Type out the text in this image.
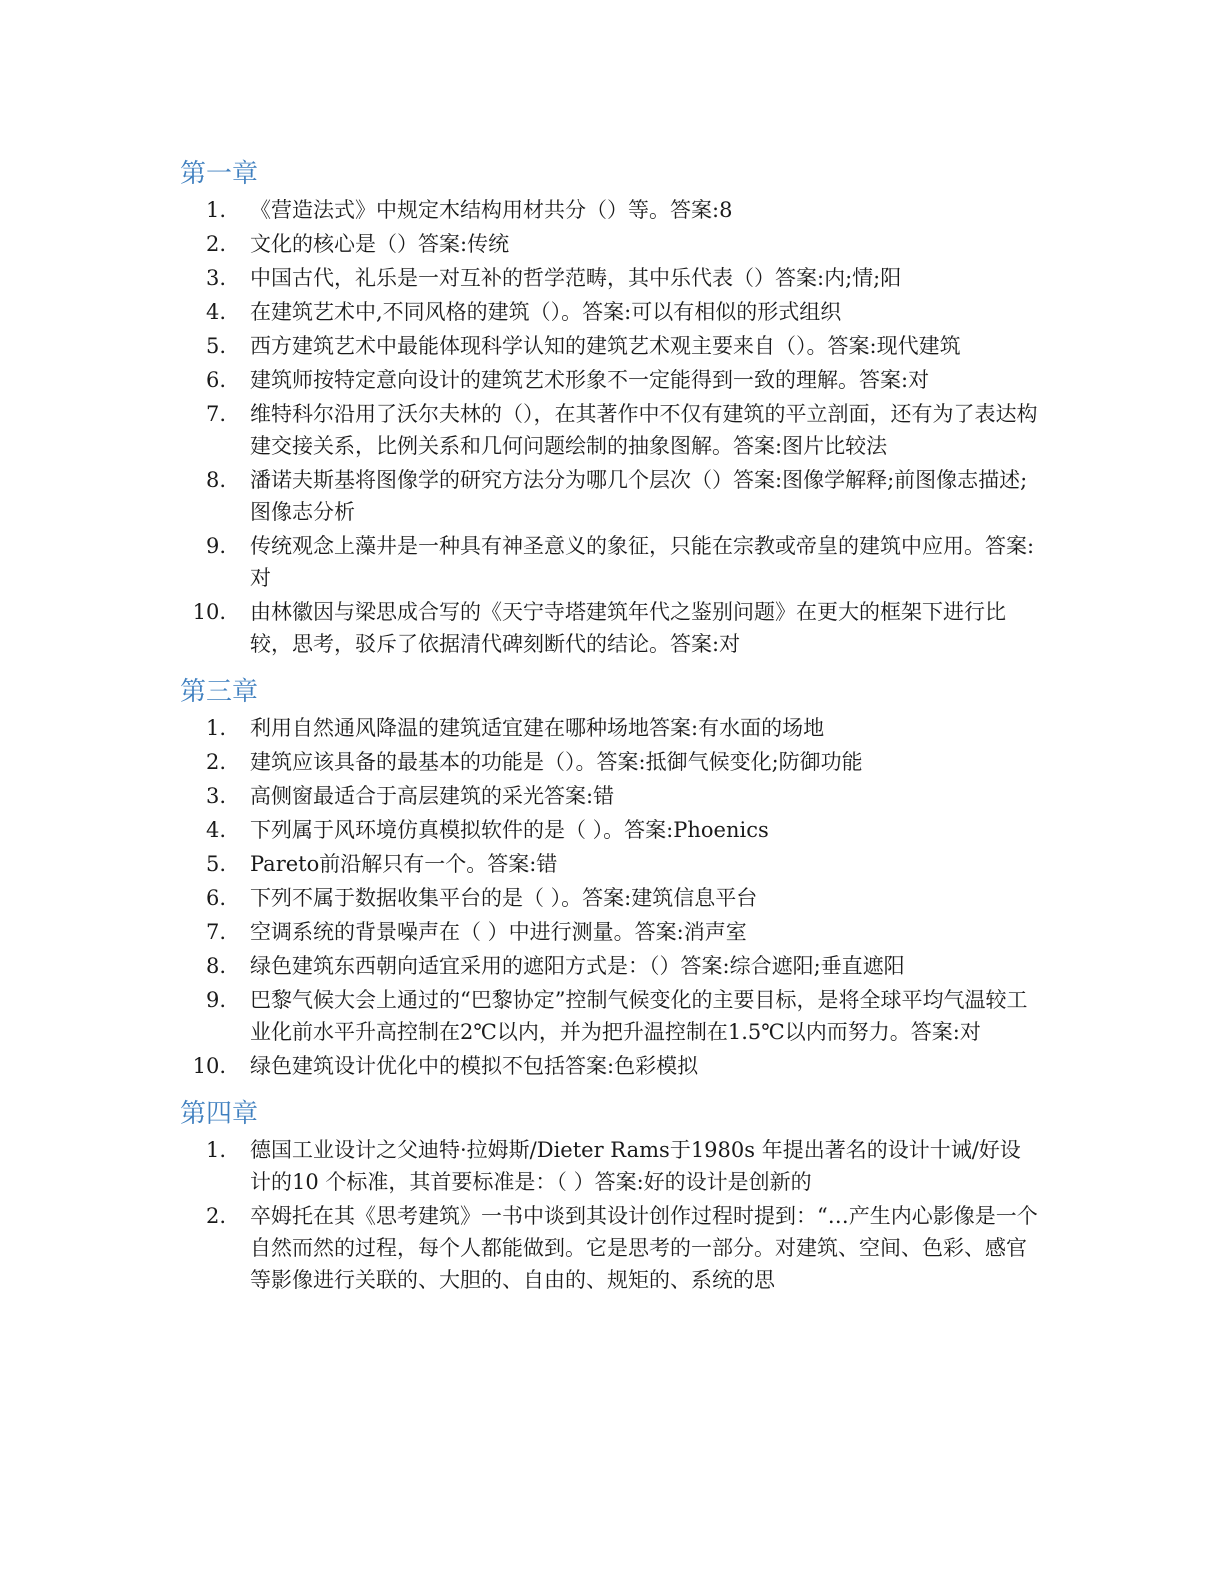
第一章
1. 《营造法式》中规定木结构用材共分（）等。答案:8
2. 文化的核心是（）答案:传统
3. 中国古代，礼乐是一对互补的哲学范畴，其中乐代表（）答案:内;情;阳
4. 在建筑艺术中,不同风格的建筑（）。答案:可以有相似的形式组织
5. 西方建筑艺术中最能体现科学认知的建筑艺术观主要来自（）。答案:现代建筑
6. 建筑师按特定意向设计的建筑艺术形象不一定能得到一致的理解。答案:对
7. 维特科尔沿用了沃尔夫林的（），在其著作中不仅有建筑的平立剖面，还有为了表达构建交接关系，比例关系和几何问题绘制的抽象图解。答案:图片比较法
8. 潘诺夫斯基将图像学的研究方法分为哪几个层次（）答案:图像学解释;前图像志描述;图像志分析
9. 传统观念上藻井是一种具有神圣意义的象征，只能在宗教或帝皇的建筑中应用。答案:对
10. 由林徽因与梁思成合写的《天宁寺塔建筑年代之鉴别问题》在更大的框架下进行比较，思考，驳斥了依据清代碑刻断代的结论。答案:对
第三章
1. 利用自然通风降温的建筑适宜建在哪种场地答案:有水面的场地
2. 建筑应该具备的最基本的功能是（）。答案:抵御气候变化;防御功能
3. 高侧窗最适合于高层建筑的采光答案:错
4. 下列属于风环境仿真模拟软件的是（ ）。答案:Phoenics
5. Pareto前沿解只有一个。答案:错
6. 下列不属于数据收集平台的是（ ）。答案:建筑信息平台
7. 空调系统的背景噪声在（ ）中进行测量。答案:消声室
8. 绿色建筑东西朝向适宜采用的遮阳方式是：（）答案:综合遮阳;垂直遮阳
9. 巴黎气候大会上通过的“巴黎协定”控制气候变化的主要目标，是将全球平均气温较工业化前水平升高控制在2℃以内，并为把升温控制在1.5℃以内而努力。答案:对
10. 绿色建筑设计优化中的模拟不包括答案:色彩模拟
第四章
1. 德国工业设计之父迪特·拉姆斯/Dieter Rams于1980s 年提出著名的设计十诫/好设计的10 个标准，其首要标准是：（ ）答案:好的设计是创新的
2. 卒姆托在其《思考建筑》一书中谈到其设计创作过程时提到：“…产生内心影像是一个自然而然的过程，每个人都能做到。它是思考的一部分。对建筑、空间、色彩、感官等影像进行关联的、大胆的、自由的、规矩的、系统的思
